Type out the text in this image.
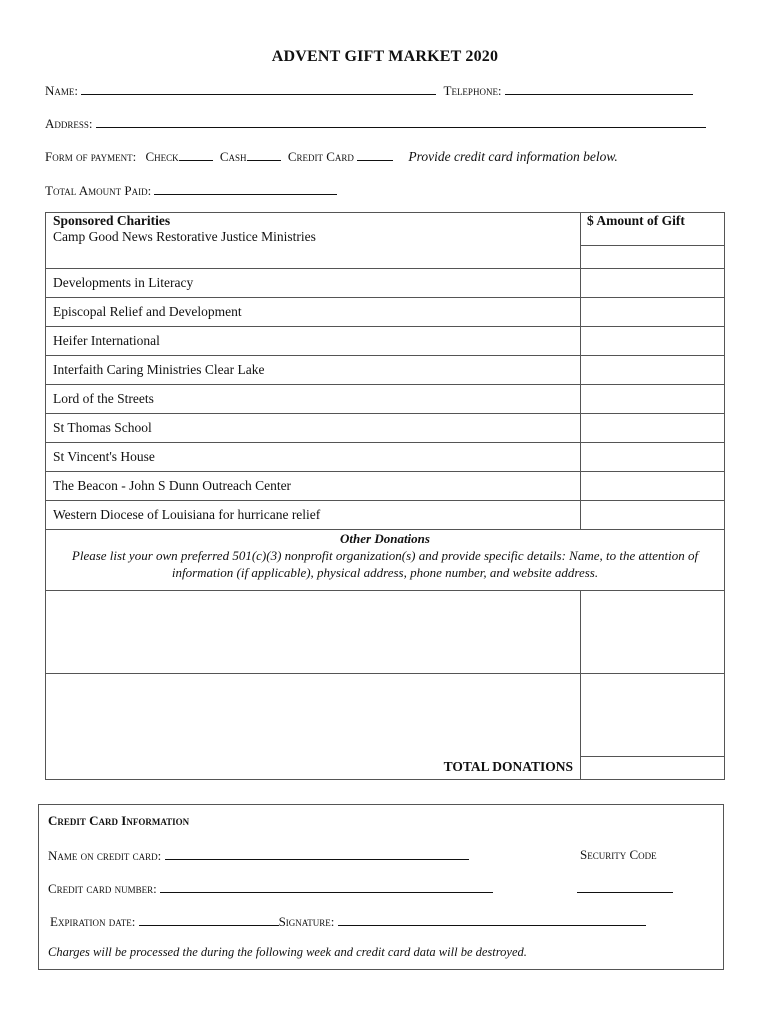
ADVENT GIFT MARKET 2020
Name:	Telephone:
Address:
Form of payment: Check	Cash	Credit Card	Provide credit card information below.
Total Amount Paid:
Sponsored Charities
Camp Good News Restorative Justice Ministries	$ Amount of Gift

Developments in Literacy	
Episcopal Relief and Development	
Heifer International	
Interfaith Caring Ministries Clear Lake	
Lord of the Streets	
St Thomas School	
St Vincent's House	
The Beacon - John S Dunn Outreach Center	
Western Diocese of Louisiana for hurricane relief	

Other Donations
Please list your own preferred 501(c)(3) nonprofit organization(s) and provide specific details: Name, to the attention of information (if applicable), physical address, phone number, and website address.	

TOTAL DONATIONS	
Credit Card Information
Name on credit card:	Security Code
Credit card number:
Expiration date:	Signature:
Charges will be processed the during the following week and credit card data will be destroyed.
